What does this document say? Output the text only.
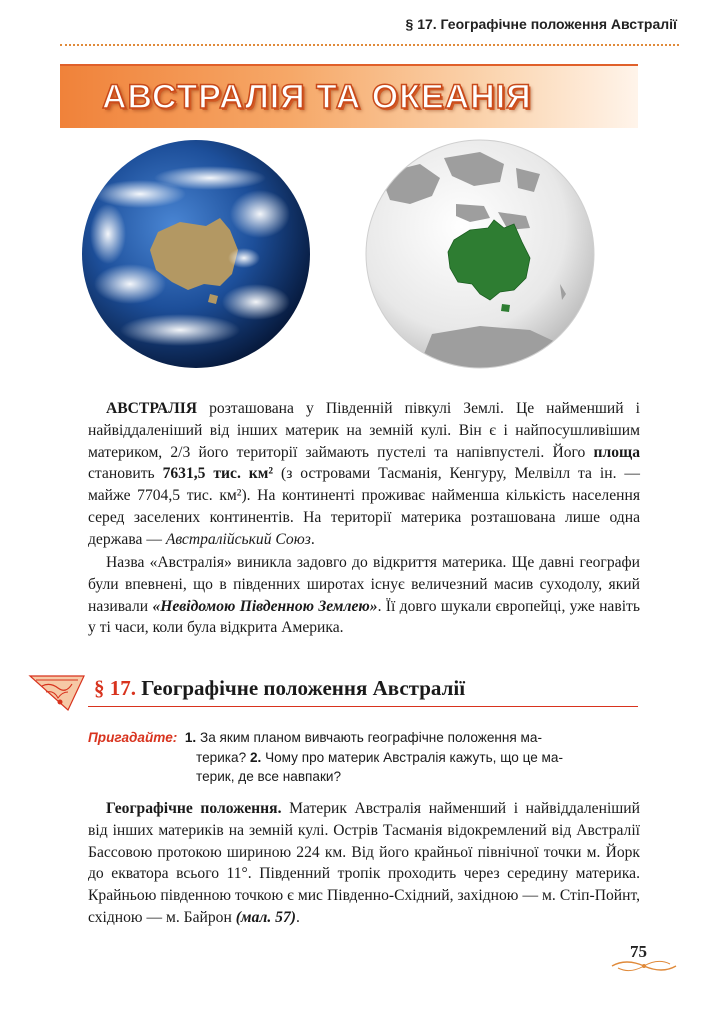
§ 17. Географічне положення Австралії
АВСТРАЛІЯ ТА ОКЕАНІЯ

АВСТРАЛІЯ розташована у Південній півкулі Землі. Це найменший і найвіддаленіший від інших материк на земній кулі. Він є і найпосушливішим материком, 2/3 його території займають пустелі та напівпустелі. Його площа становить 7631,5 тис. км² (з островами Тасманія, Кенгуру, Мелвілл та ін. — майже 7704,5 тис. км²). На континенті проживає найменша кількість населення серед заселених континентів. На території материка розташована лише одна держава — Австралійський Союз.

Назва «Австралія» виникла задовго до відкриття материка. Ще давні географи були впевнені, що в південних широтах існує величезний масив суходолу, який називали «Невідомою Південною Землею». Її довго шукали європейці, уже навіть у ті часи, коли була відкрита Америка.

§ 17. Географічне положення Австралії
Пригадайте: 1. За яким планом вивчають географічне положення ма-
терика? 2. Чому про материк Австралія кажуть, що це ма-
терик, де все навпаки?

Географічне положення. Материк Австралія найменший і найвіддаленіший від інших материків на земній кулі. Острів Тасманія відокремлений від Австралії Бассовою протокою шириною 224 км. Від його крайньої північної точки м. Йорк до екватора всього 11°. Південний тропік проходить через середину материка. Крайньою південною точкою є мис Південно-Східний, західною — м. Стіп-Пойнт, східною — м. Байрон (мал. 57).

75
